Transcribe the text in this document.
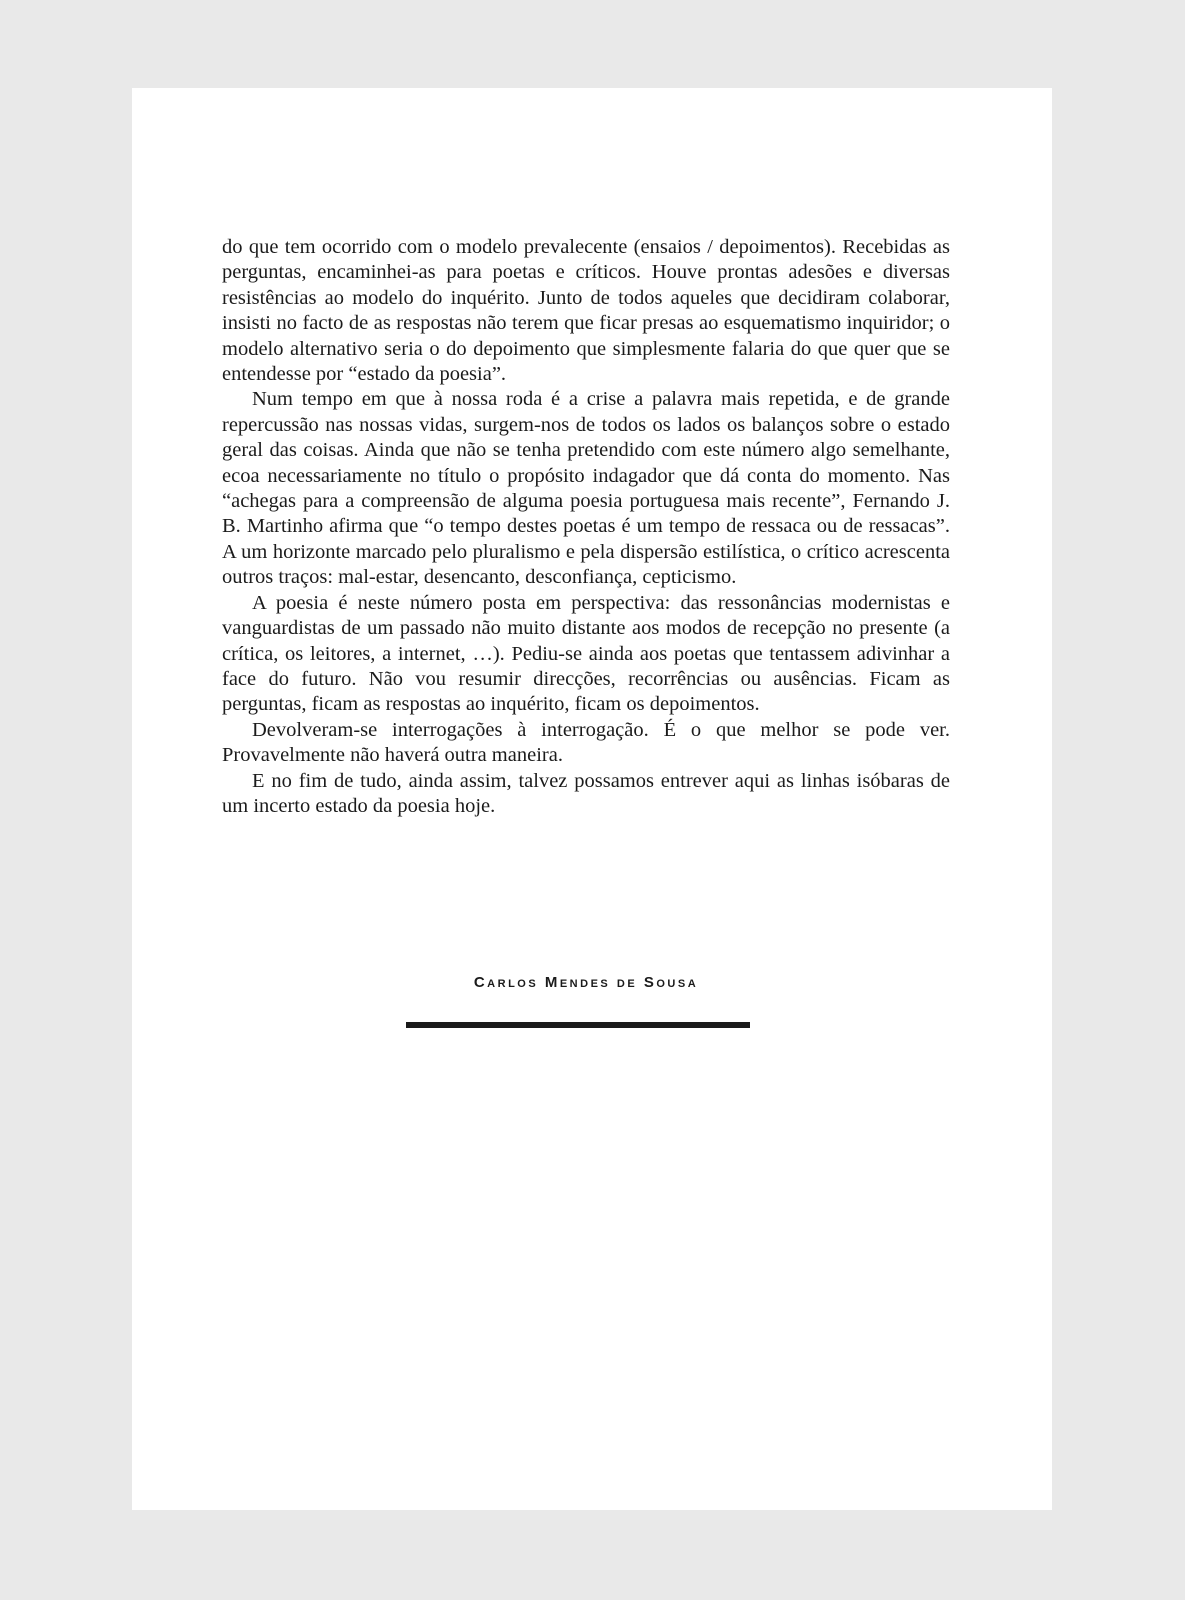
do que tem ocorrido com o modelo prevalecente (ensaios / depoimentos). Recebidas as perguntas, encaminhei-as para poetas e críticos. Houve prontas adesões e diversas resistências ao modelo do inquérito. Junto de todos aqueles que decidiram colaborar, insisti no facto de as respostas não terem que ficar presas ao esquematismo inquiridor; o modelo alternativo seria o do depoimento que simplesmente falaria do que quer que se entendesse por “estado da poesia”.

Num tempo em que à nossa roda é a crise a palavra mais repetida, e de grande repercussão nas nossas vidas, surgem-nos de todos os lados os balanços sobre o estado geral das coisas. Ainda que não se tenha pretendido com este número algo semelhante, ecoa necessariamente no título o propósito indagador que dá conta do momento. Nas “achegas para a compreensão de alguma poesia portuguesa mais recente”, Fernando J. B. Martinho afirma que “o tempo destes poetas é um tempo de ressaca ou de ressacas”. A um horizonte marcado pelo pluralismo e pela dispersão estilística, o crítico acrescenta outros traços: mal-estar, desencanto, desconfiança, cepticismo.

A poesia é neste número posta em perspectiva: das ressonâncias modernistas e vanguardistas de um passado não muito distante aos modos de recepção no presente (a crítica, os leitores, a internet, …). Pediu-se ainda aos poetas que tentassem adivinhar a face do futuro. Não vou resumir direcções, recorrências ou ausências. Ficam as perguntas, ficam as respostas ao inquérito, ficam os depoimentos.

Devolveram-se interrogações à interrogação. É o que melhor se pode ver. Provavelmente não haverá outra maneira.

E no fim de tudo, ainda assim, talvez possamos entrever aqui as linhas isóbaras de um incerto estado da poesia hoje.

Carlos Mendes de Sousa
